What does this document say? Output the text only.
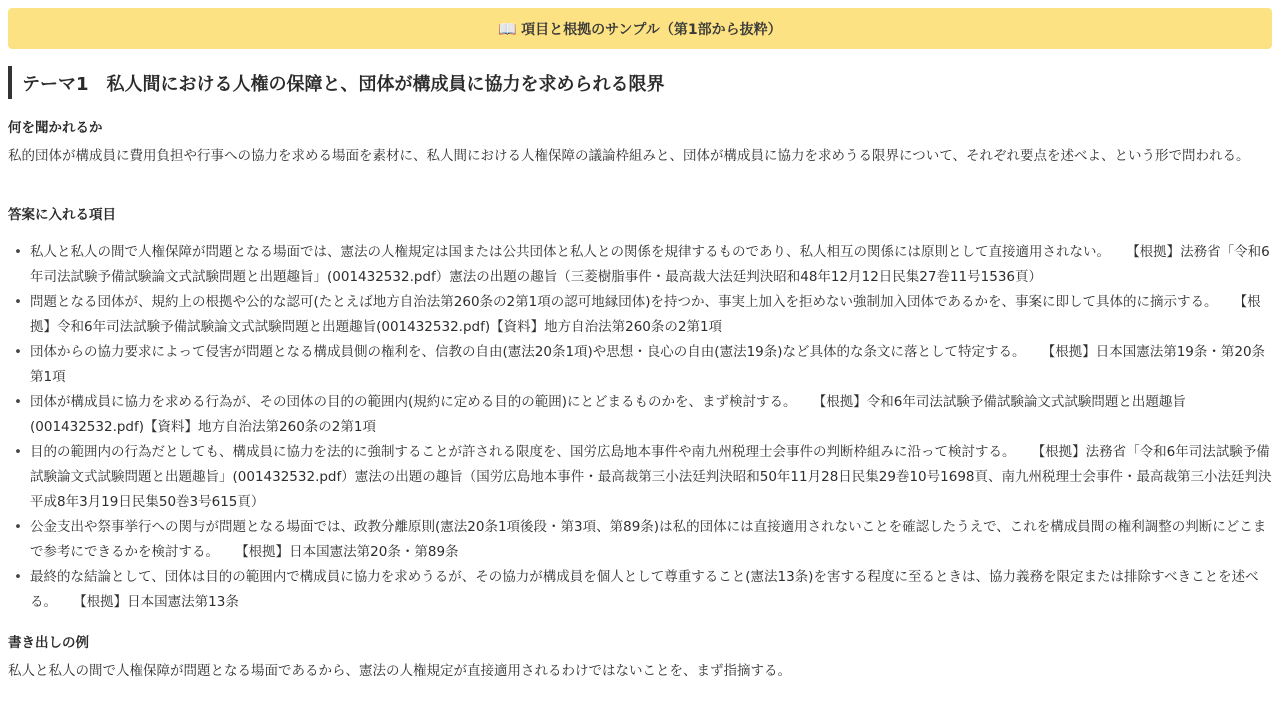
📖 項目と根拠のサンプル（第1部から抜粋）
テーマ1　私人間における人権の保障と、団体が構成員に協力を求められる限界
何を聞かれるか
私的団体が構成員に費用負担や行事への協力を求める場面を素材に、私人間における人権保障の議論枠組みと、団体が構成員に協力を求めうる限界について、それぞれ要点を述べよ、という形で問われる。
答案に入れる項目
• 私人と私人の間で人権保障が問題となる場面では、憲法の人権規定は国または公共団体と私人との関係を規律するものであり、私人相互の関係には原則として直接適用されない。 【根拠】法務省「令和6年司法試験予備試験論文式試験問題と出題趣旨」(001432532.pdf）憲法の出題の趣旨（三菱樹脂事件・最高裁大法廷判決昭和48年12月12日民集27巻11号1536頁）
• 問題となる団体が、規約上の根拠や公的な認可(たとえば地方自治法第260条の2第1項の認可地縁団体)を持つか、事実上加入を拒めない強制加入団体であるかを、事案に即して具体的に摘示する。 【根拠】令和6年司法試験予備試験論文式試験問題と出題趣旨(001432532.pdf)【資料】地方自治法第260条の2第1項
• 団体からの協力要求によって侵害が問題となる構成員側の権利を、信教の自由(憲法20条1項)や思想・良心の自由(憲法19条)など具体的な条文に落として特定する。 【根拠】日本国憲法第19条・第20条第1項
• 団体が構成員に協力を求める行為が、その団体の目的の範囲内(規約に定める目的の範囲)にとどまるものかを、まず検討する。 【根拠】令和6年司法試験予備試験論文式試験問題と出題趣旨(001432532.pdf)【資料】地方自治法第260条の2第1項
• 目的の範囲内の行為だとしても、構成員に協力を法的に強制することが許される限度を、国労広島地本事件や南九州税理士会事件の判断枠組みに沿って検討する。 【根拠】法務省「令和6年司法試験予備試験論文式試験問題と出題趣旨」(001432532.pdf）憲法の出題の趣旨（国労広島地本事件・最高裁第三小法廷判決昭和50年11月28日民集29巻10号1698頁、南九州税理士会事件・最高裁第三小法廷判決平成8年3月19日民集50巻3号615頁）
• 公金支出や祭事挙行への関与が問題となる場面では、政教分離原則(憲法20条1項後段・第3項、第89条)は私的団体には直接適用されないことを確認したうえで、これを構成員間の権利調整の判断にどこまで参考にできるかを検討する。 【根拠】日本国憲法第20条・第89条
• 最終的な結論として、団体は目的の範囲内で構成員に協力を求めうるが、その協力が構成員を個人として尊重すること(憲法13条)を害する程度に至るときは、協力義務を限定または排除すべきことを述べる。 【根拠】日本国憲法第13条
書き出しの例
私人と私人の間で人権保障が問題となる場面であるから、憲法の人権規定が直接適用されるわけではないことを、まず指摘する。
